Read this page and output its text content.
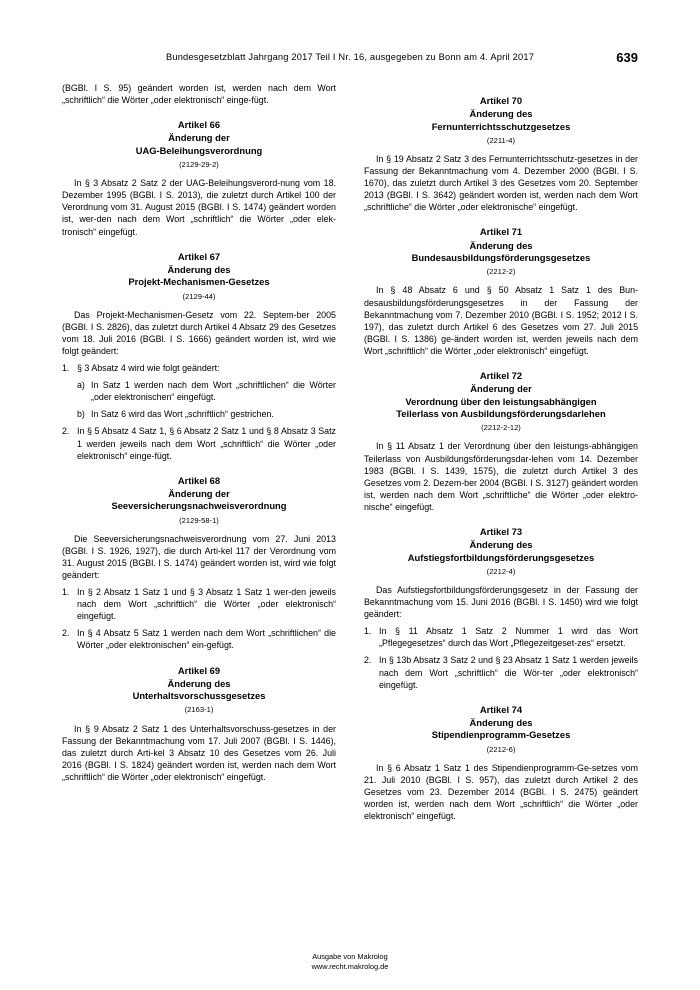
Bundesgesetzblatt Jahrgang 2017 Teil I Nr. 16, ausgegeben zu Bonn am 4. April 2017	639

(BGBl. I S. 95) geändert worden ist, werden nach dem Wort „schriftlich“ die Wörter „oder elektronisch“ einge-fügt.

Artikel 66
Änderung der
UAG-Beleihungsverordnung
(2129-29-2)

In § 3 Absatz 2 Satz 2 der UAG-Beleihungsverord-nung vom 18. Dezember 1995 (BGBl. I S. 2013), die zuletzt durch Artikel 100 der Verordnung vom 31. August 2015 (BGBl. I S. 1474) geändert worden ist, wer-den nach dem Wort „schriftlich“ die Wörter „oder elek-tronisch“ eingefügt.

Artikel 67
Änderung des
Projekt-Mechanismen-Gesetzes
(2129-44)

Das Projekt-Mechanismen-Gesetz vom 22. Septem-ber 2005 (BGBl. I S. 2826), das zuletzt durch Artikel 4 Absatz 29 des Gesetzes vom 18. Juli 2016 (BGBl. I S. 1666) geändert worden ist, wird wie folgt geändert:

1. § 3 Absatz 4 wird wie folgt geändert:
a) In Satz 1 werden nach dem Wort „schriftlichen“ die Wörter „oder elektronischen“ eingefügt.
b) In Satz 6 wird das Wort „schriftlich“ gestrichen.
2. In § 5 Absatz 4 Satz 1, § 6 Absatz 2 Satz 1 und § 8 Absatz 3 Satz 1 werden jeweils nach dem Wort „schriftlich“ die Wörter „oder elektronisch“ einge-fügt.
Artikel 68
Änderung der
Seeversicherungsnachweisverordnung
(2129-58-1)

Die Seeversicherungsnachweisverordnung vom 27. Juni 2013 (BGBl. I S. 1926, 1927), die durch Arti-kel 117 der Verordnung vom 31. August 2015 (BGBl. I S. 1474) geändert worden ist, wird wie folgt geändert:

1. In § 2 Absatz 1 Satz 1 und § 3 Absatz 1 Satz 1 wer-den jeweils nach dem Wort „schriftlich“ die Wörter „oder elektronisch“ eingefügt.
2. In § 4 Absatz 5 Satz 1 werden nach dem Wort „schriftlichen“ die Wörter „oder elektronischen“ ein-gefügt.
Artikel 69
Änderung des
Unterhaltsvorschussgesetzes
(2163-1)

In § 9 Absatz 2 Satz 1 des Unterhaltsvorschuss-gesetzes in der Fassung der Bekanntmachung vom 17. Juli 2007 (BGBl. I S. 1446), das zuletzt durch Arti-kel 3 Absatz 10 des Gesetzes vom 26. Juli 2016 (BGBl. I S. 1824) geändert worden ist, werden nach dem Wort „schriftlich“ die Wörter „oder elektronisch“ eingefügt.

Artikel 70
Änderung des
Fernunterrichtsschutzgesetzes
(2211-4)

In § 19 Absatz 2 Satz 3 des Fernunterrichtsschutz-gesetzes in der Fassung der Bekanntmachung vom 4. Dezember 2000 (BGBl. I S. 1670), das zuletzt durch Artikel 3 des Gesetzes vom 20. September 2013 (BGBl. I S. 3642) geändert worden ist, werden nach dem Wort „schriftliche“ die Wörter „oder elektronische“ eingefügt.

Artikel 71
Änderung des
Bundesausbildungsförderungsgesetzes
(2212-2)

In § 48 Absatz 6 und § 50 Absatz 1 Satz 1 des Bun-desausbildungsförderungsgesetzes in der Fassung der Bekanntmachung vom 7. Dezember 2010 (BGBl. I S. 1952; 2012 I S. 197), das zuletzt durch Artikel 6 des Gesetzes vom 27. Juli 2015 (BGBl. I S. 1386) ge-ändert worden ist, werden jeweils nach dem Wort „schriftlich“ die Wörter „oder elektronisch“ eingefügt.

Artikel 72
Änderung der
Verordnung über den leistungsabhängigen
Teilerlass von Ausbildungsförderungsdarlehen
(2212-2-12)

In § 11 Absatz 1 der Verordnung über den leistungs-abhängigen Teilerlass von Ausbildungsförderungsdar-lehen vom 14. Dezember 1983 (BGBl. I S. 1439, 1575), die zuletzt durch Artikel 3 des Gesetzes vom 2. Dezem-ber 2004 (BGBl. I S. 3127) geändert worden ist, werden nach dem Wort „schriftliche“ die Wörter „oder elektro-nische“ eingefügt.

Artikel 73
Änderung des
Aufstiegsfortbildungsförderungsgesetzes
(2212-4)

Das Aufstiegsfortbildungsförderungsgesetz in der Fassung der Bekanntmachung vom 15. Juni 2016 (BGBl. I S. 1450) wird wie folgt geändert:

1. In § 11 Absatz 1 Satz 2 Nummer 1 wird das Wort „Pflegegesetzes“ durch das Wort „Pflegezeitgeset-zes“ ersetzt.
2. In § 13b Absatz 3 Satz 2 und § 23 Absatz 1 Satz 1 werden jeweils nach dem Wort „schriftlich“ die Wör-ter „oder elektronisch“ eingefügt.
Artikel 74
Änderung des
Stipendienprogramm-Gesetzes
(2212-6)

In § 6 Absatz 1 Satz 1 des Stipendienprogramm-Ge-setzes vom 21. Juli 2010 (BGBl. I S. 957), das zuletzt durch Artikel 2 des Gesetzes vom 23. Dezember 2014 (BGBl. I S. 2475) geändert worden ist, werden nach dem Wort „schriftlich“ die Wörter „oder elektronisch“ eingefügt.

Ausgabe von Makrolog
www.recht.makrolog.de
